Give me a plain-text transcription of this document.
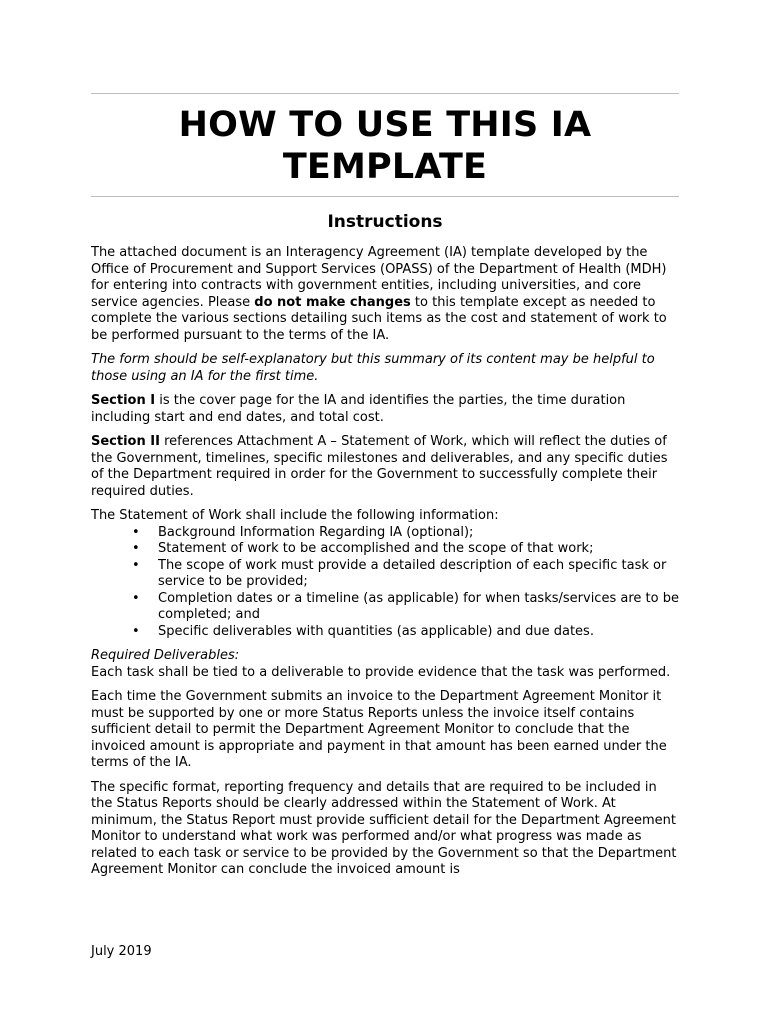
HOW TO USE THIS IA
TEMPLATE
Instructions

The attached document is an Interagency Agreement (IA) template developed by the Office of Procurement and Support Services (OPASS) of the Department of Health (MDH) for entering into contracts with government entities, including universities, and core service agencies. Please do not make changes to this template except as needed to complete the various sections detailing such items as the cost and statement of work to be performed pursuant to the terms of the IA.

The form should be self-explanatory but this summary of its content may be helpful to those using an IA for the first time.

Section I is the cover page for the IA and identifies the parties, the time duration including start and end dates, and total cost.

Section II references Attachment A – Statement of Work, which will reflect the duties of the Government, timelines, specific milestones and deliverables, and any specific duties of the Department required in order for the Government to successfully complete their required duties.

The Statement of Work shall include the following information:

• Background Information Regarding IA (optional);
• Statement of work to be accomplished and the scope of that work;
• The scope of work must provide a detailed description of each specific task or service to be provided;
• Completion dates or a timeline (as applicable) for when tasks/services are to be completed; and
• Specific deliverables with quantities (as applicable) and due dates.

Required Deliverables:
Each task shall be tied to a deliverable to provide evidence that the task was performed.

Each time the Government submits an invoice to the Department Agreement Monitor it must be supported by one or more Status Reports unless the invoice itself contains sufficient detail to permit the Department Agreement Monitor to conclude that the invoiced amount is appropriate and payment in that amount has been earned under the terms of the IA.

The specific format, reporting frequency and details that are required to be included in the Status Reports should be clearly addressed within the Statement of Work. At minimum, the Status Report must provide sufficient detail for the Department Agreement Monitor to understand what work was performed and/or what progress was made as related to each task or service to be provided by the Government so that the Department Agreement Monitor can conclude the invoiced amount is

July 2019
